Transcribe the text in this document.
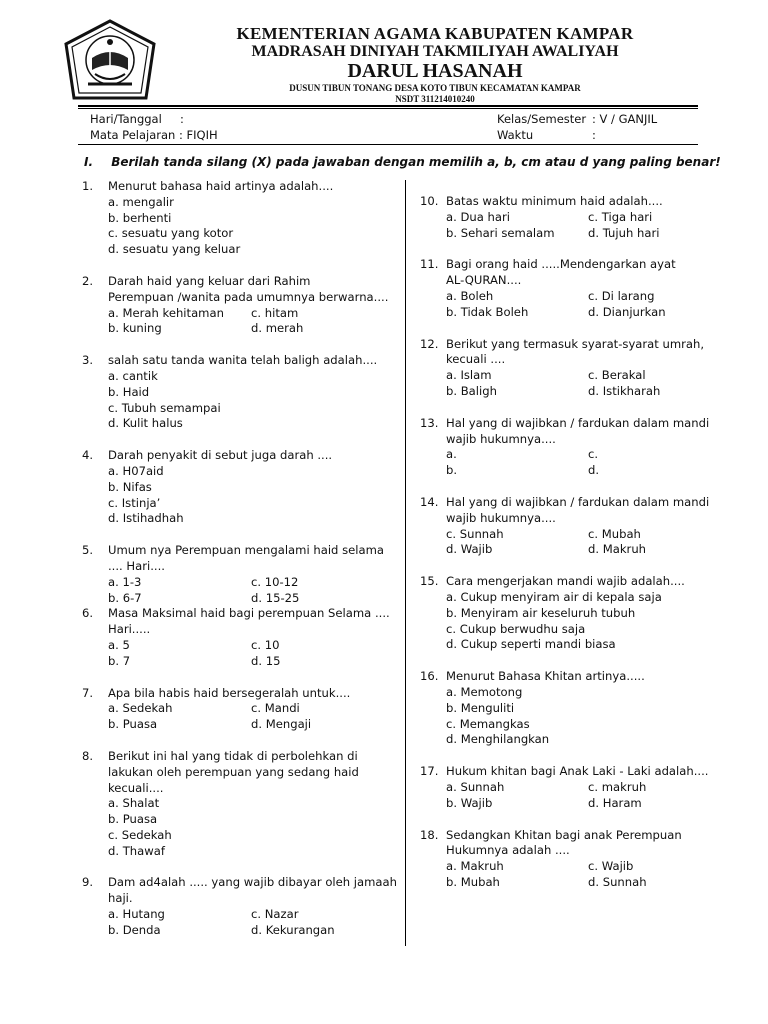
KEMENTERIAN AGAMA KABUPATEN KAMPAR
MADRASAH DINIYAH TAKMILIYAH AWALIYAH
DARUL HASANAH
DUSUN TIBUN TONANG DESA KOTO TIBUN KECAMATAN KAMPAR
NSDT 311214010240
Hari/Tanggal :	Kelas/Semester : V / GANJIL
Mata Pelajaran : FIQIH	Waktu	:
I. Berilah tanda silang (X) pada jawaban dengan memilih a, b, cm atau d yang paling benar!
1. Menurut bahasa haid artinya adalah....
a. mengalir
b. berhenti
c. sesuatu yang kotor
d. sesuatu yang keluar
2. Darah haid yang keluar dari Rahim
Perempuan /wanita pada umumnya berwarna....
a. Merah kehitaman c. hitam
b. kuning	d. merah
3. salah satu tanda wanita telah baligh adalah....
a. cantik
b. Haid
c. Tubuh semampai
d. Kulit halus
4. Darah penyakit di sebut juga darah ....
a. H07aid
b. Nifas
c. Istinja’
d. Istihadhah
5. Umum nya Perempuan mengalami haid selama
.... Hari....
a. 1-3	c. 10-12
b. 6-7	d. 15-25
6. Masa Maksimal haid bagi perempuan Selama ....
Hari.....
a. 5	c. 10
b. 7	d. 15
7. Apa bila habis haid bersegeralah untuk....
a. Sedekah	c. Mandi
b. Puasa	d. Mengaji
8. Berikut ini hal yang tidak di perbolehkan di
lakukan oleh perempuan yang sedang haid
kecuali....
a. Shalat
b. Puasa
c. Sedekah
d. Thawaf
9. Dam ad4alah ..... yang wajib dibayar oleh jamaah
haji.
a. Hutang	c. Nazar
b. Denda	d. Kekurangan
10. Batas waktu minimum haid adalah....
a. Dua hari	c. Tiga hari
b. Sehari semalam	d. Tujuh hari
11. Bagi orang haid .....Mendengarkan ayat
AL-QURAN....
a. Boleh	c. Di larang
b. Tidak Boleh	d. Dianjurkan
12. Berikut yang termasuk syarat-syarat umrah,
kecuali ....
a. Islam	c. Berakal
b. Baligh	d. Istikharah
13. Hal yang di wajibkan / fardukan dalam mandi
wajib hukumnya....
a.	c.
b.	d.
14. Hal yang di wajibkan / fardukan dalam mandi
wajib hukumnya....
c. Sunnah	c. Mubah
d. Wajib	d. Makruh
15. Cara mengerjakan mandi wajib adalah....
a. Cukup menyiram air di kepala saja
b. Menyiram air keseluruh tubuh
c. Cukup berwudhu saja
d. Cukup seperti mandi biasa
16. Menurut Bahasa Khitan artinya.....
a. Memotong
b. Menguliti
c. Memangkas
d. Menghilangkan
17. Hukum khitan bagi Anak Laki - Laki adalah....
a. Sunnah	c. makruh
b. Wajib	d. Haram
18. Sedangkan Khitan bagi anak Perempuan
Hukumnya adalah ....
a. Makruh	c. Wajib
b. Mubah	d. Sunnah
